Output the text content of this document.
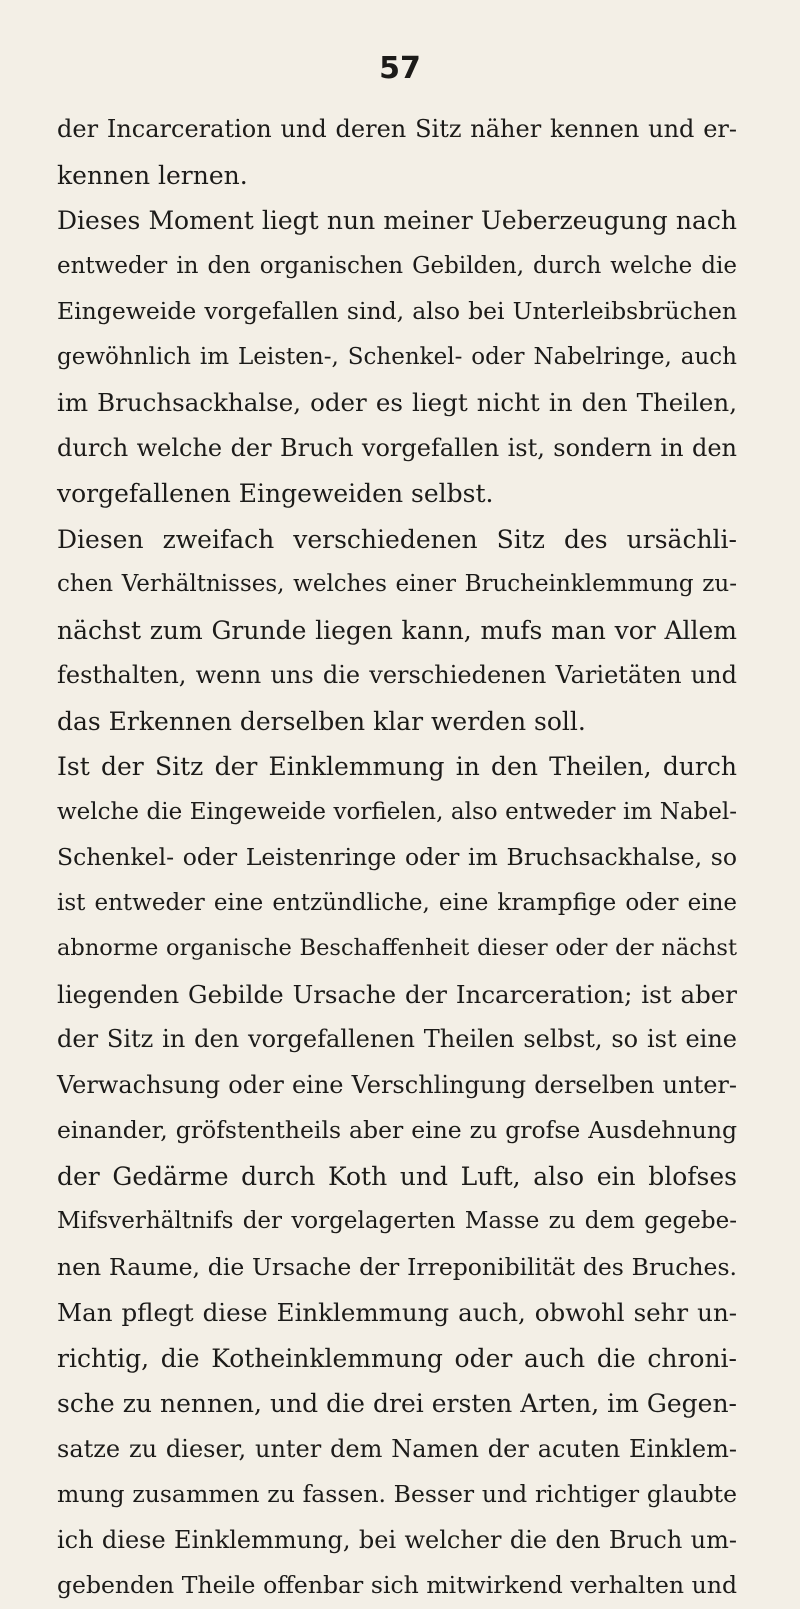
57
der Incarceration und deren Sitz näher kennen und er-
kennen lernen.
Dieses Moment liegt nun meiner Ueberzeugung nach
entweder in den organischen Gebilden, durch welche die
Eingeweide vorgefallen sind, also bei Unterleibsbrüchen
gewöhnlich im Leisten-, Schenkel- oder Nabelringe, auch
im Bruchsackhalse, oder es liegt nicht in den Theilen,
durch welche der Bruch vorgefallen ist, sondern in den
vorgefallenen Eingeweiden selbst.
Diesen zweifach verschiedenen Sitz des ursächli-
chen Verhältnisses, welches einer Brucheinklemmung zu-
nächst zum Grunde liegen kann, mufs man vor Allem
festhalten, wenn uns die verschiedenen Varietäten und
das Erkennen derselben klar werden soll.
Ist der Sitz der Einklemmung in den Theilen, durch
welche die Eingeweide vorfielen, also entweder im Nabel-
Schenkel- oder Leistenringe oder im Bruchsackhalse, so
ist entweder eine entzündliche, eine krampfige oder eine
abnorme organische Beschaffenheit dieser oder der nächst
liegenden Gebilde Ursache der Incarceration; ist aber
der Sitz in den vorgefallenen Theilen selbst, so ist eine
Verwachsung oder eine Verschlingung derselben unter-
einander, gröfstentheils aber eine zu grofse Ausdehnung
der Gedärme durch Koth und Luft, also ein blofses
Mifsverhältnifs der vorgelagerten Masse zu dem gegebe-
nen Raume, die Ursache der Irreponibilität des Bruches.
Man pflegt diese Einklemmung auch, obwohl sehr un-
richtig, die Kotheinklemmung oder auch die chroni-
sche zu nennen, und die drei ersten Arten, im Gegen-
satze zu dieser, unter dem Namen der acuten Einklem-
mung zusammen zu fassen. Besser und richtiger glaubte
ich diese Einklemmung, bei welcher die den Bruch um-
gebenden Theile offenbar sich mitwirkend verhalten und
